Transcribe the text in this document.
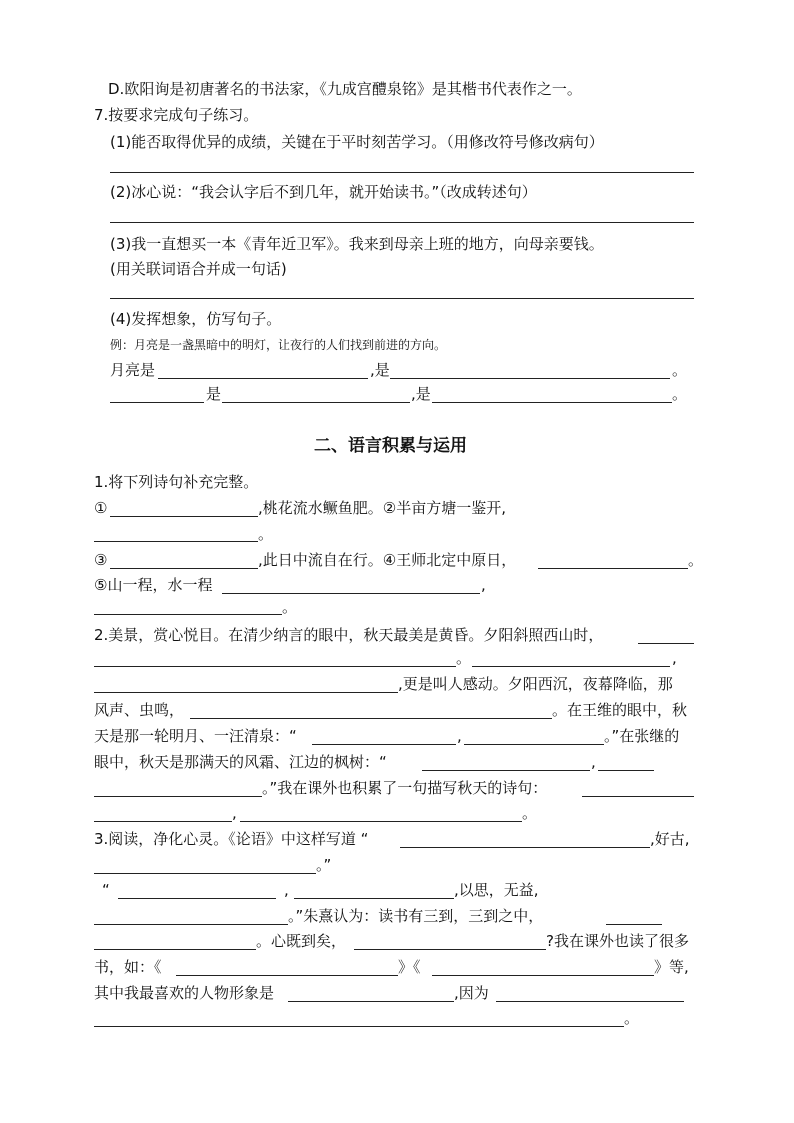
D.欧阳询是初唐著名的书法家，《九成宫醴泉铭》是其楷书代表作之一。
7.按要求完成句子练习。
(1)能否取得优异的成绩，关键在于平时刻苦学习。（用修改符号修改病句）
(2)冰心说：“我会认字后不到几年，就开始读书。”（改成转述句）
(3)我一直想买一本《青年近卫军》。我来到母亲上班的地方，向母亲要钱。
(用关联词语合并成一句话)
(4)发挥想象，仿写句子。
例：月亮是一盏黑暗中的明灯，让夜行的人们找到前进的方向。
月亮是	,是	。
是	,是	。
二、语言积累与运用
1.将下列诗句补充完整。
①	,桃花流水鳜鱼肥。②半亩方塘一鉴开,
。
③	,此日中流自在行。④王师北定中原日，	。
⑤山一程，水一程	,
。
2.美景，赏心悦目。在清少纳言的眼中，秋天最美是黄昏。夕阳斜照西山时，
。	,
,更是叫人感动。夕阳西沉，夜幕降临，那
风声、虫鸣，	。在王维的眼中，秋
天是那一轮明月、一汪清泉：“	,	。”在张继的
眼中，秋天是那满天的风霜、江边的枫树：“	,
。”我在课外也积累了一句描写秋天的诗句：
,	。
3.阅读，净化心灵。《论语》中这样写道 “	,好古,
。”
“	,	,以思，无益,
。”朱熹认为：读书有三到，三到之中，
。心既到矣，	?我在课外也读了很多
书，如：《	》《	》等,
其中我最喜欢的人物形象是	,因为
。
